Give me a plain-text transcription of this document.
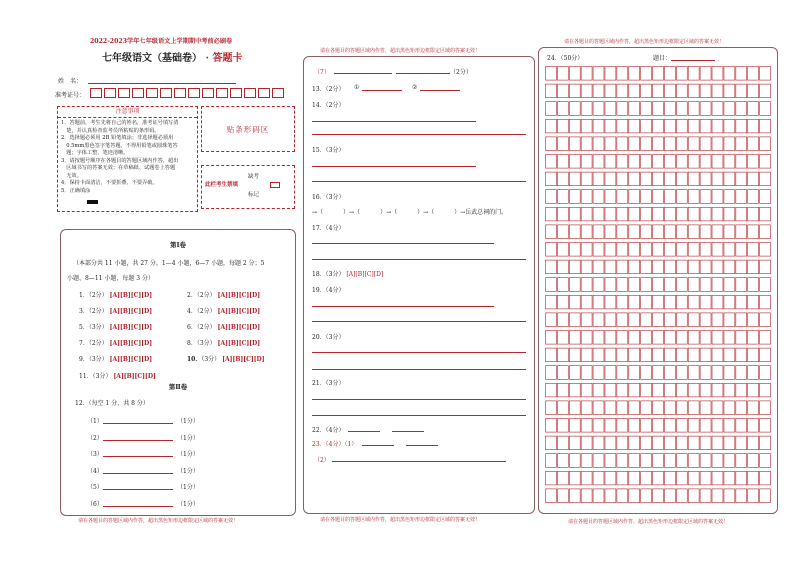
2022-2023学年七年级语文上学期期中考前必刷卷
七年级语文（基础卷） · 答题卡
姓　名：
准考证号：
注意事项
1．答题前，考生先将自己的姓名，准考证号填写清
　楚，并认真检查监考员所粘贴的条形码。
2．选择题必须用 2B 铅笔填涂；非选择题必须用
　0.5mm黑色签字笔答题，不得用铅笔或圆珠笔答
　题；字体工整、笔迹清晰。
3．请按题号顺序在各题目的答题区域内作答，超出
　区域书写的答案无效；在草稿纸、试题卷上答题
　无效。
4．保持卡面清洁，不要折叠、不要弄破。
5．正确填涂
贴条形码区
此栏考生禁填
缺考
标记
第Ⅰ卷
（本部分共 11 小题，共 27 分。1—4 小题，6—7 小题，每题 2 分；5
小题、8—11 小题，每题 3 分）
1．（2分） [A][B][C][D]	2．（2分） [A][B][C][D]
3．（2分） [A][B][C][D]	4．（2分） [A][B][C][D]
5．（3分） [A][B][C][D]	6．（2分） [A][B][C][D]
7．（2分） [A][B][C][D]	8．（3分） [A][B][C][D]
9．（3分） [A][B][C][D]	10．（3分） [A][B][C][D]
11．（3分） [A][B][C][D]
第Ⅱ卷
12．（每空 1 分，共 8 分）
（1）	（1分）
（2）	（1分）
（3）	（1分）
（4）	（1分）
（5）	（1分）
（6）	（1分）
请在各题目的答题区域内作答，超出黑色矩形边框限定区域的答案无效！
请在各题目的答题区域内作答，超出黑色矩形边框限定区域的答案无效！
（7）	（2分）
13．（2分） ①	②
14．（2分）
15．（3分）
16．（3分）
→（	）→（	）→（	）→（	）→岳武总祠的门。
17．（4分）
18．（3分） [A][B][C][D]
19．（4分）
20．（3分）
21．（3分）
22．（4分）
23．（4分）（1）
（2）
请在各题目的答题区域内作答，超出黑色矩形边框限定区域的答案无效！
请在各题目的答题区域内作答，超出黑色矩形边框限定区域的答案无效！
24．（50分）	题目：
请在各题目的答题区域内作答，超出黑色矩形边框限定区域的答案无效！
